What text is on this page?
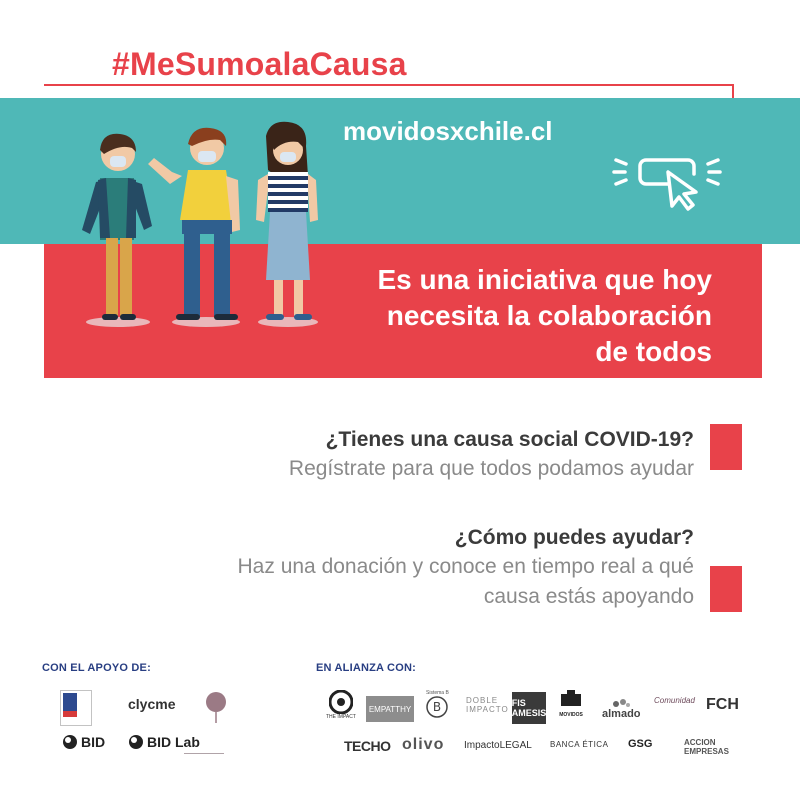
#MeSumoalaCausa
movidosxchile.cl
Es una iniciativa que hoy
necesita la colaboración
de todos
¿Tienes una causa social COVID-19?
Regístrate para que todos podamos ayudar
¿Cómo puedes ayudar?
Haz una donación y conoce en tiempo real a qué
causa estás apoyando
CON EL APOYO DE:	EN ALIANZA CON:
clycme
BID	BID Lab
THE IMPACT
EMPATTHY
Sistema B
B	DOBLE IMPACTO
FIS AMESIS	MOVIDOS almado
Comunidad FCH
TECHO olivo ImpactoLEGAL BANCA ÉTICA GSG	ACCION EMPRESAS
